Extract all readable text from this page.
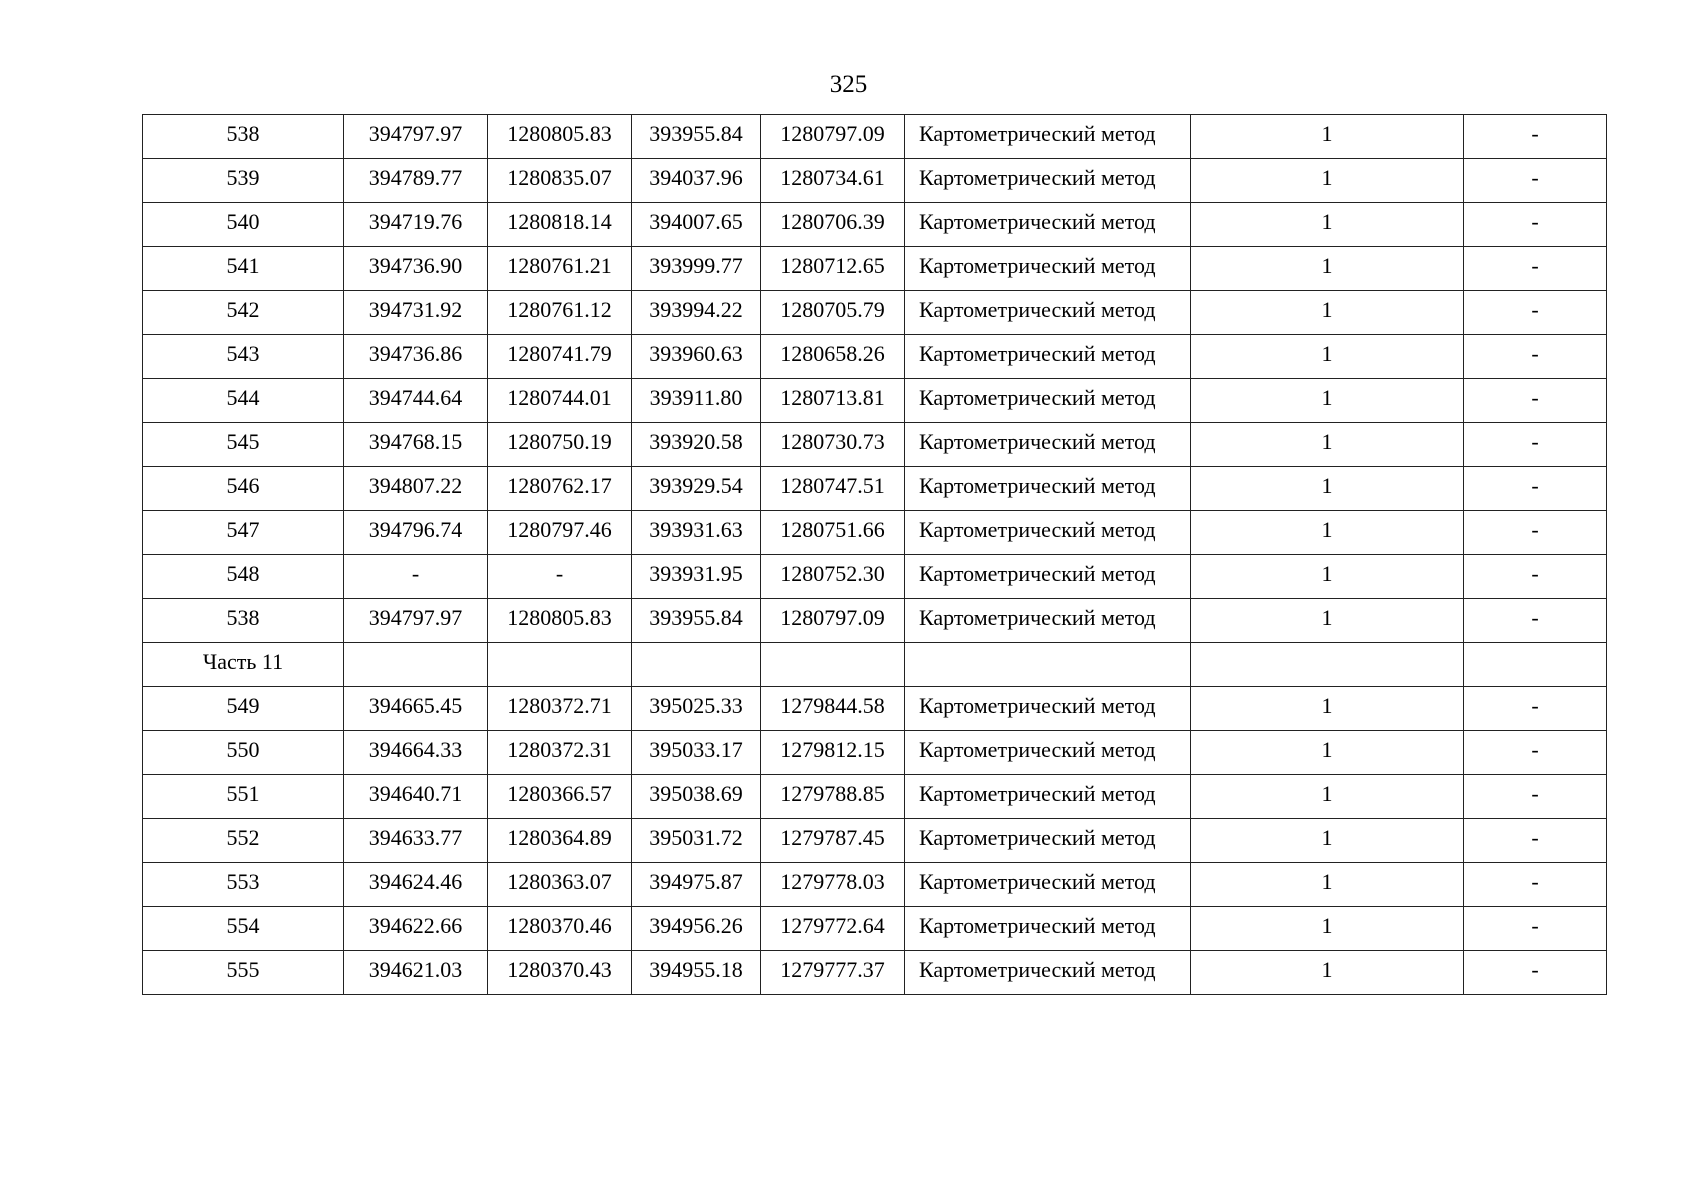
325
538	394797.97	1280805.83	393955.84	1280797.09	Картометрический метод	1	-
539	394789.77	1280835.07	394037.96	1280734.61	Картометрический метод	1	-
540	394719.76	1280818.14	394007.65	1280706.39	Картометрический метод	1	-
541	394736.90	1280761.21	393999.77	1280712.65	Картометрический метод	1	-
542	394731.92	1280761.12	393994.22	1280705.79	Картометрический метод	1	-
543	394736.86	1280741.79	393960.63	1280658.26	Картометрический метод	1	-
544	394744.64	1280744.01	393911.80	1280713.81	Картометрический метод	1	-
545	394768.15	1280750.19	393920.58	1280730.73	Картометрический метод	1	-
546	394807.22	1280762.17	393929.54	1280747.51	Картометрический метод	1	-
547	394796.74	1280797.46	393931.63	1280751.66	Картометрический метод	1	-
548	-	-	393931.95	1280752.30	Картометрический метод	1	-
538	394797.97	1280805.83	393955.84	1280797.09	Картометрический метод	1	-
Часть 11							
549	394665.45	1280372.71	395025.33	1279844.58	Картометрический метод	1	-
550	394664.33	1280372.31	395033.17	1279812.15	Картометрический метод	1	-
551	394640.71	1280366.57	395038.69	1279788.85	Картометрический метод	1	-
552	394633.77	1280364.89	395031.72	1279787.45	Картометрический метод	1	-
553	394624.46	1280363.07	394975.87	1279778.03	Картометрический метод	1	-
554	394622.66	1280370.46	394956.26	1279772.64	Картометрический метод	1	-
555	394621.03	1280370.43	394955.18	1279777.37	Картометрический метод	1	-
